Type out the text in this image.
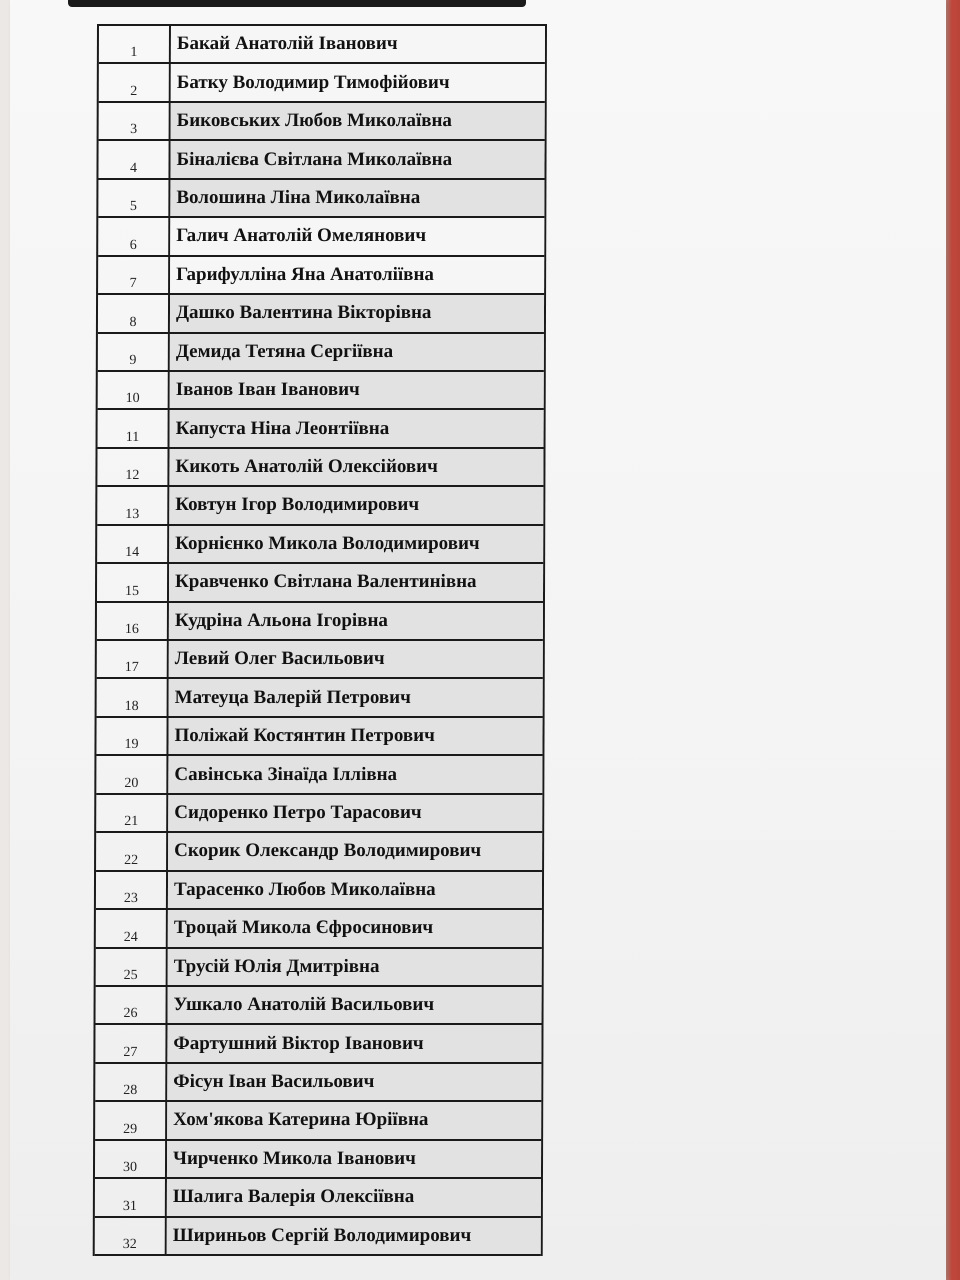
1	Бакай Анатолій Іванович
2	Батку Володимир Тимофійович
3	Биковських Любов Миколаївна
4	Біналієва Світлана Миколаївна
5	Волошина Ліна Миколаївна
6	Галич Анатолій Омелянович
7	Гарифулліна Яна Анатоліївна
8	Дашко Валентина Вікторівна
9	Демида Тетяна Сергіївна
10	Іванов Іван Іванович
11	Капуста Ніна Леонтіївна
12	Кикоть Анатолій Олексійович
13	Ковтун Ігор Володимирович
14	Корнієнко Микола Володимирович
15	Кравченко Світлана Валентинівна
16	Кудріна Альона Ігорівна
17	Левий Олег Васильович
18	Матеуца Валерій Петрович
19	Поліжай Костянтин Петрович
20	Савінська Зінаїда Іллівна
21	Сидоренко Петро Тарасович
22	Скорик Олександр Володимирович
23	Тарасенко Любов Миколаївна
24	Троцай Микола Єфросинович
25	Трусій Юлія Дмитрівна
26	Ушкало Анатолій Васильович
27	Фартушний Віктор Іванович
28	Фісун Іван Васильович
29	Хом'якова Катерина Юріївна
30	Чирченко Микола Іванович
31	Шалига Валерія Олексіївна
32	Шириньов Сергій Володимирович
